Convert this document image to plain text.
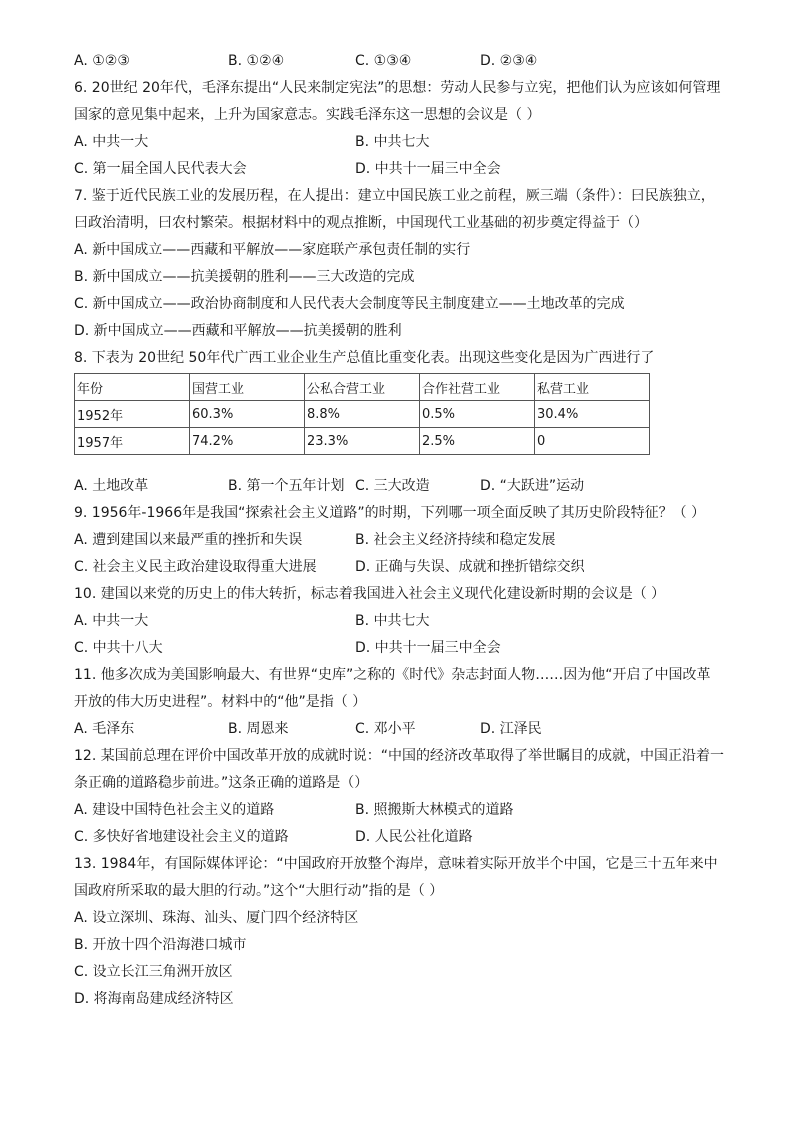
A. ①②③	B. ①②④	C. ①③④	D. ②③④
6. 20世纪 20年代，毛泽东提出“人民来制定宪法”的思想：劳动人民参与立宪，把他们认为应该如何管理国家的意见集中起来，上升为国家意志。实践毛泽东这一思想的会议是（ ）
A. 中共一大	B. 中共七大
C. 第一届全国人民代表大会	D. 中共十一届三中全会
7. 鉴于近代民族工业的发展历程，在人提出：建立中国民族工业之前程，厥三端（条件）：曰民族独立，曰政治清明，曰农村繁荣。根据材料中的观点推断，中国现代工业基础的初步奠定得益于（）
A. 新中国成立——西藏和平解放——家庭联产承包责任制的实行
B. 新中国成立——抗美援朝的胜利——三大改造的完成
C. 新中国成立——政治协商制度和人民代表大会制度等民主制度建立——土地改革的完成
D. 新中国成立——西藏和平解放——抗美援朝的胜利
8. 下表为 20世纪 50年代广西工业企业生产总值比重变化表。出现这些变化是因为广西进行了
年份	国营工业	公私合营工业	合作社营工业	私营工业
1952年	60.3%	8.8%	0.5%	30.4%
1957年	74.2%	23.3%	2.5%	0
A. 土地改革	B. 第一个五年计划 C. 三大改造	D. “大跃进”运动
9. 1956年-1966年是我国“探索社会主义道路”的时期，下列哪一项全面反映了其历史阶段特征？（ ）
A. 遭到建国以来最严重的挫折和失误	B. 社会主义经济持续和稳定发展
C. 社会主义民主政治建设取得重大进展	D. 正确与失误、成就和挫折错综交织
10. 建国以来党的历史上的伟大转折，标志着我国进入社会主义现代化建设新时期的会议是（ ）
A. 中共一大	B. 中共七大
C. 中共十八大	D. 中共十一届三中全会
11. 他多次成为美国影响最大、有世界“史库”之称的《时代》杂志封面人物……因为他“开启了中国改革开放的伟大历史进程”。材料中的“他”是指（ ）
A. 毛泽东	B. 周恩来	C. 邓小平	D. 江泽民
12. 某国前总理在评价中国改革开放的成就时说：“中国的经济改革取得了举世瞩目的成就，中国正沿着一条正确的道路稳步前进。”这条正确的道路是（）
A. 建设中国特色社会主义的道路	B. 照搬斯大林模式的道路
C. 多快好省地建设社会主义的道路	D. 人民公社化道路
13. 1984年，有国际媒体评论：“中国政府开放整个海岸，意味着实际开放半个中国，它是三十五年来中国政府所采取的最大胆的行动。”这个“大胆行动”指的是（ ）
A. 设立深圳、珠海、汕头、厦门四个经济特区
B. 开放十四个沿海港口城市
C. 设立长江三角洲开放区
D. 将海南岛建成经济特区
